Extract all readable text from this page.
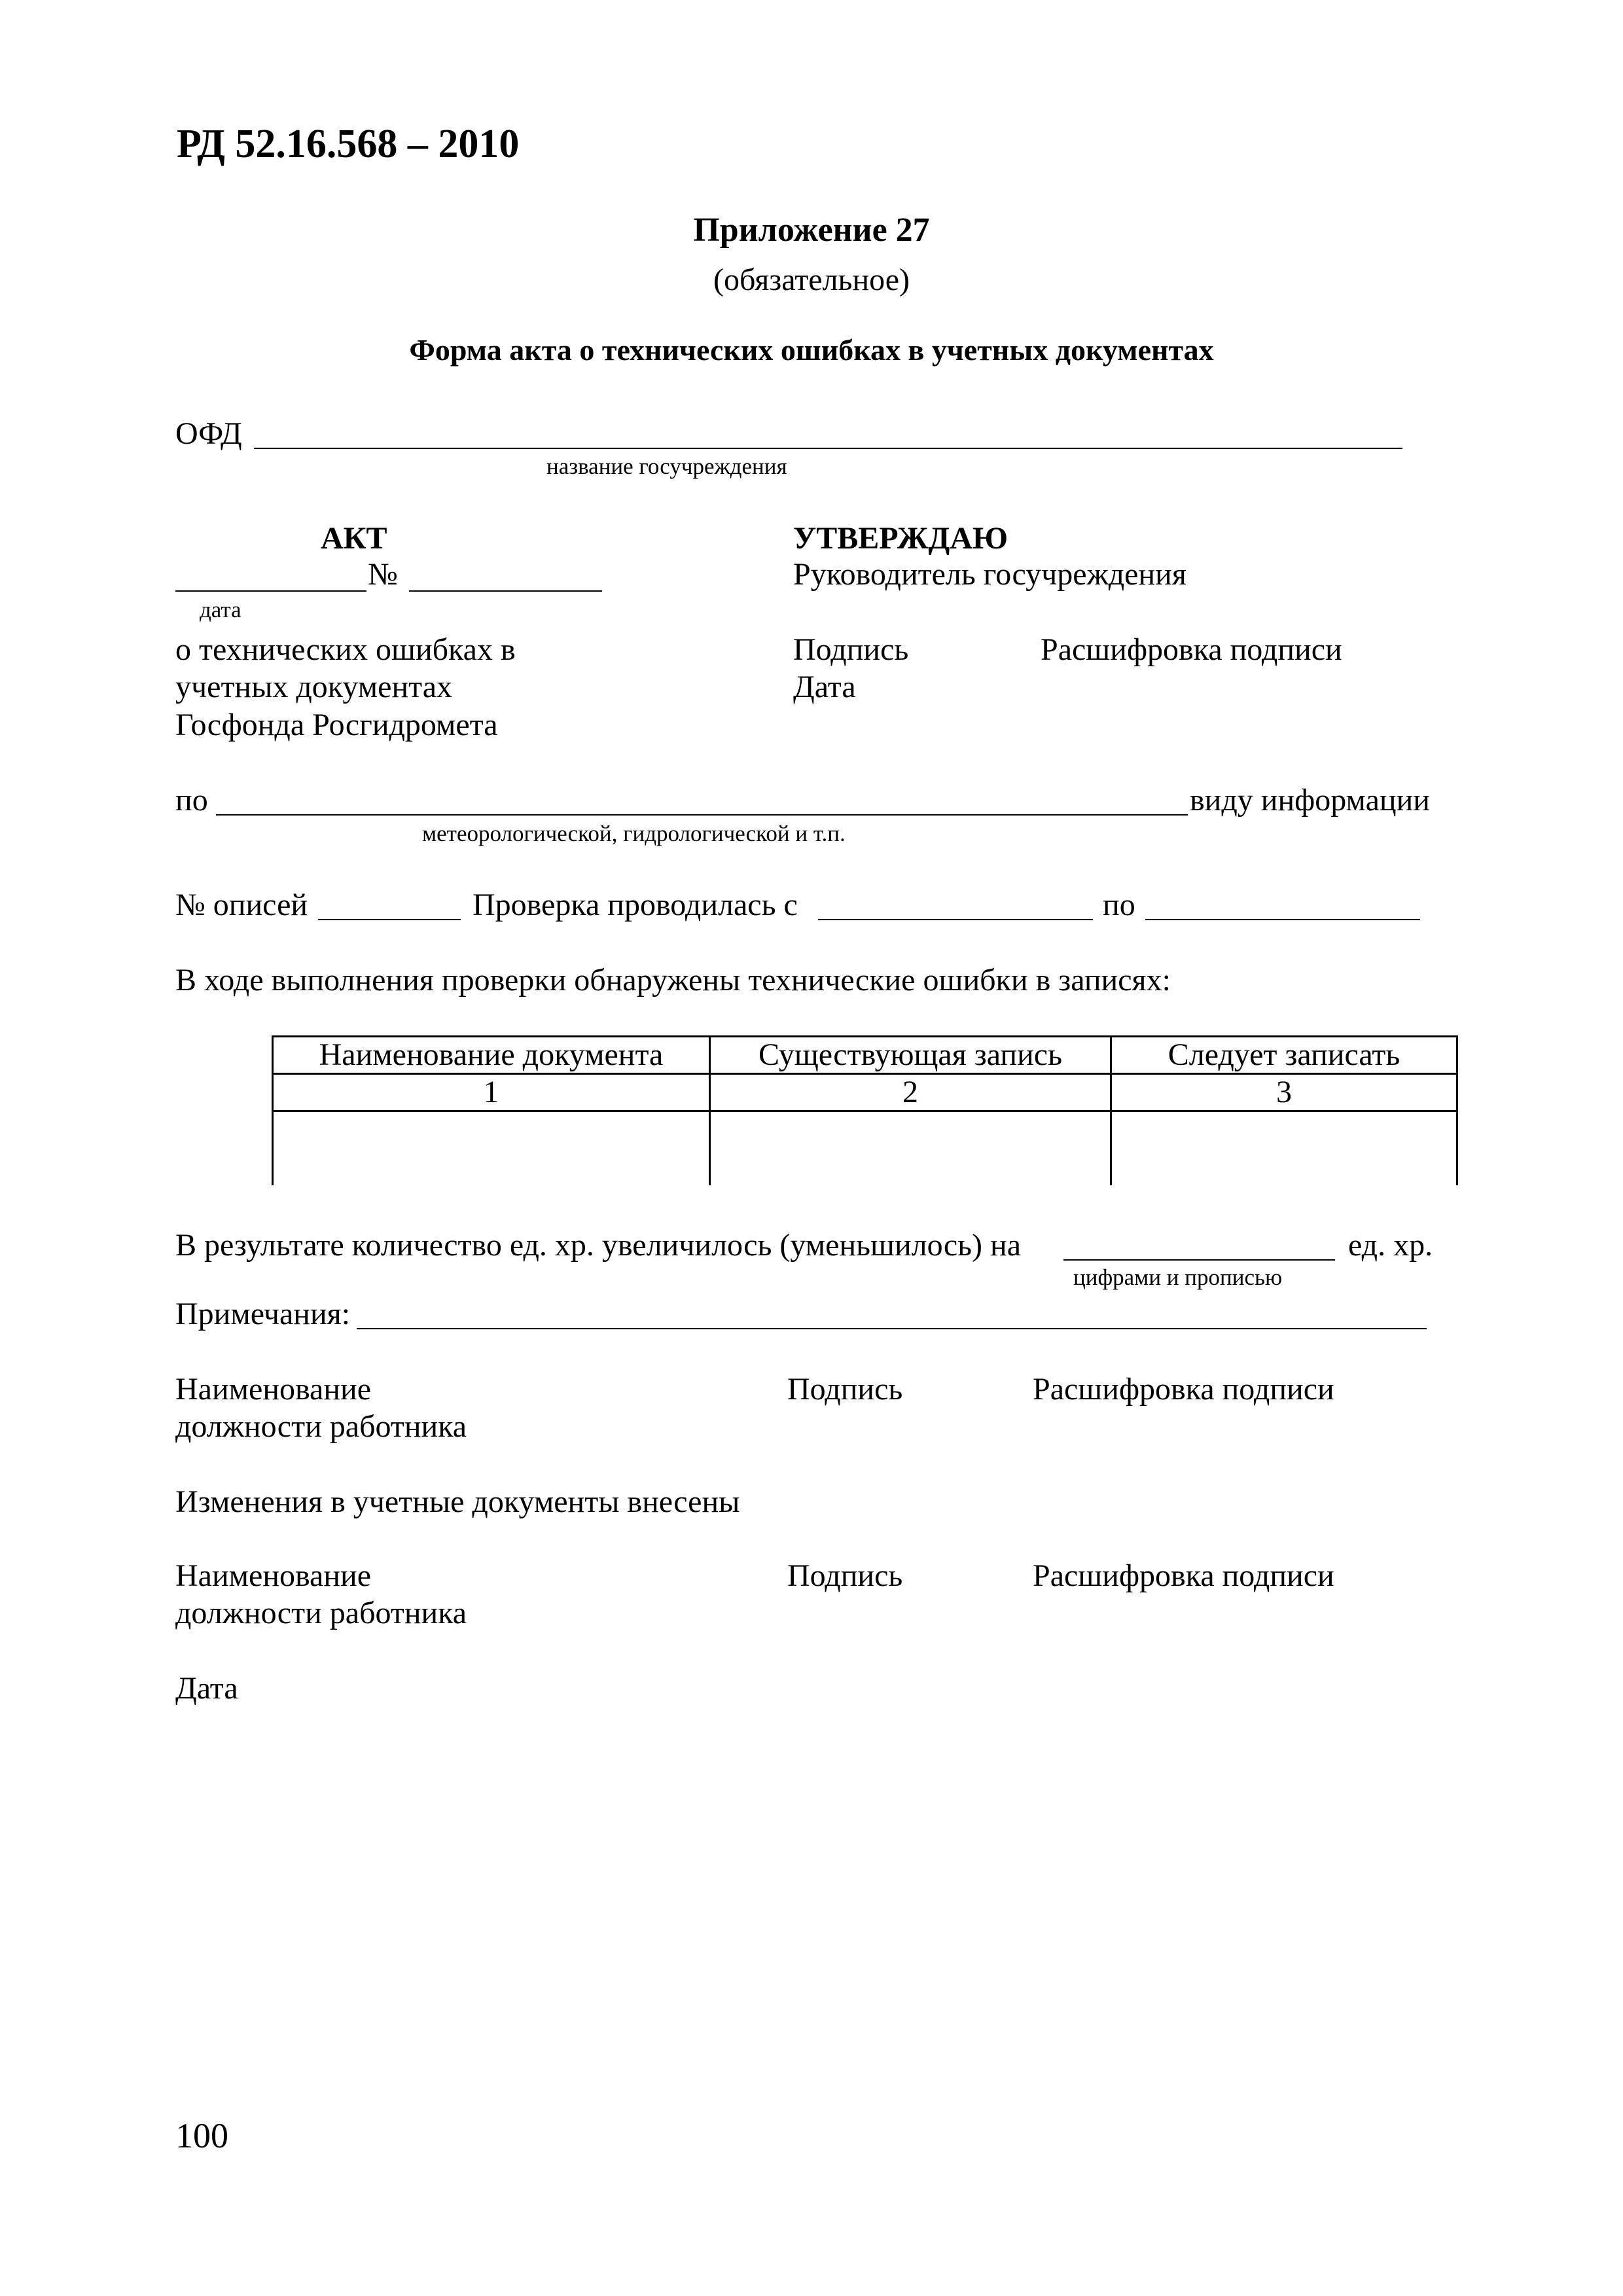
РД 52.16.568 – 2010
Приложение 27
(обязательное)
Форма акта о технических ошибках в учетных документах
ОФД
название госучреждения
АКТ
№
дата
о технических ошибках в
учетных документах
Госфонда Росгидромета
УТВЕРЖДАЮ
Руководитель госучреждения
Подпись	Расшифровка подписи
Дата
по	виду информации
метеорологической, гидрологической и т.п.
№ описей	Проверка проводилась с	по
В ходе выполнения проверки обнаружены технические ошибки в записях:
Наименование документа	Существующая запись	Следует записать
1	2	3

В результате количество ед. хр. увеличилось (уменьшилось) на	ед. хр.
цифрами и прописью
Примечания:
Наименование
должности работника
Подпись	Расшифровка подписи
Изменения в учетные документы внесены
Наименование
должности работника
Подпись	Расшифровка подписи
Дата
100
